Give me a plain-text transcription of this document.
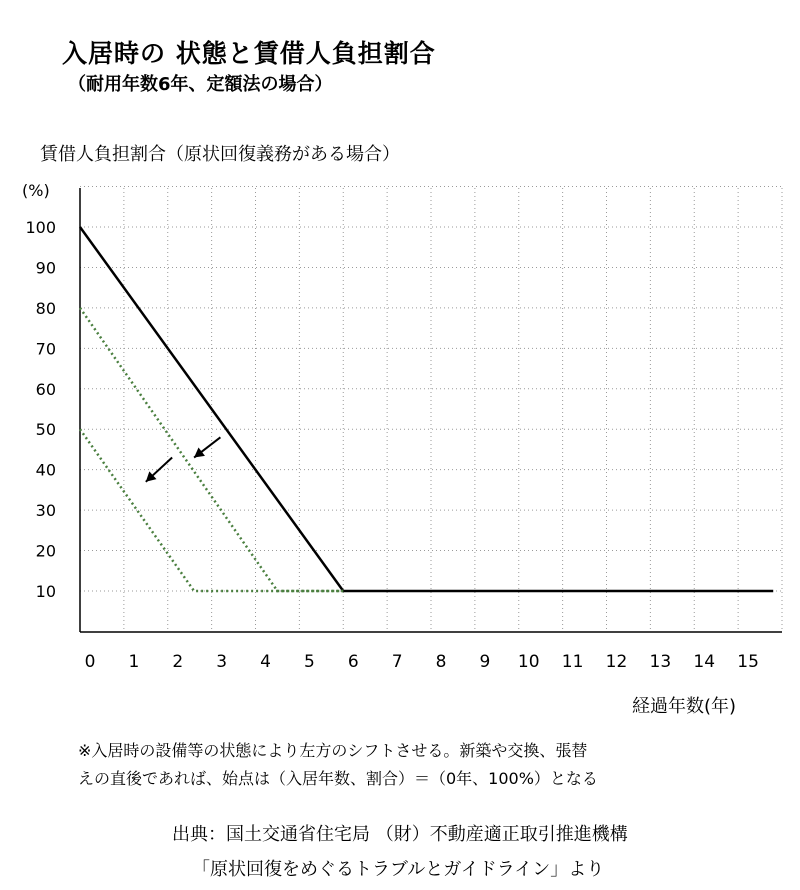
入居時の 状態と賃借人負担割合
（耐用年数6年、定額法の場合）
賃借人負担割合（原状回復義務がある場合）
(%)
10
20
30
40
50
60
70
80
90
100
0 1 2 3 4 5 6 7 8 9 10 11 12 13 14 15
経過年数(年)
※入居時の設備等の状態により左方のシフトさせる。新築や交換、張替
えの直後であれば、始点は（入居年数、割合）＝（0年、100%）となる
出典：国土交通省住宅局 （財）不動産適正取引推進機構
「原状回復をめぐるトラブルとガイドライン」より
